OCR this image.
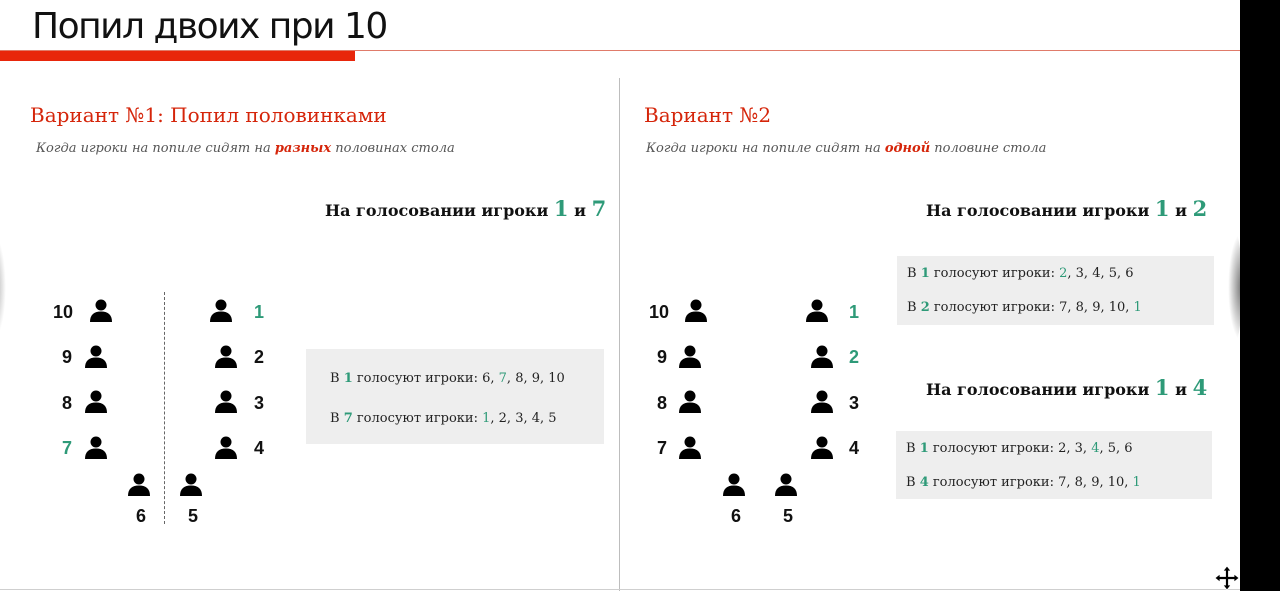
Попил двоих при 10
Вариант №1: Попил половинками
Когда игроки на попиле сидят на разных половинах стола
На голосовании игроки 1 и 7
В 1 голосуют игроки: 6, 7, 8, 9, 10
В 7 голосуют игроки: 1, 2, 3, 4, 5
10
9
8
7
6	5
1
2
3
4
Вариант №2
Когда игроки на попиле сидят на одной половине стола
На голосовании игроки 1 и 2
В 1 голосуют игроки: 2, 3, 4, 5, 6
В 2 голосуют игроки: 7, 8, 9, 10, 1
На голосовании игроки 1 и 4
В 1 голосуют игроки: 2, 3, 4, 5, 6
В 4 голосуют игроки: 7, 8, 9, 10, 1
10
9
8
7
6	5
1
2
3
4
